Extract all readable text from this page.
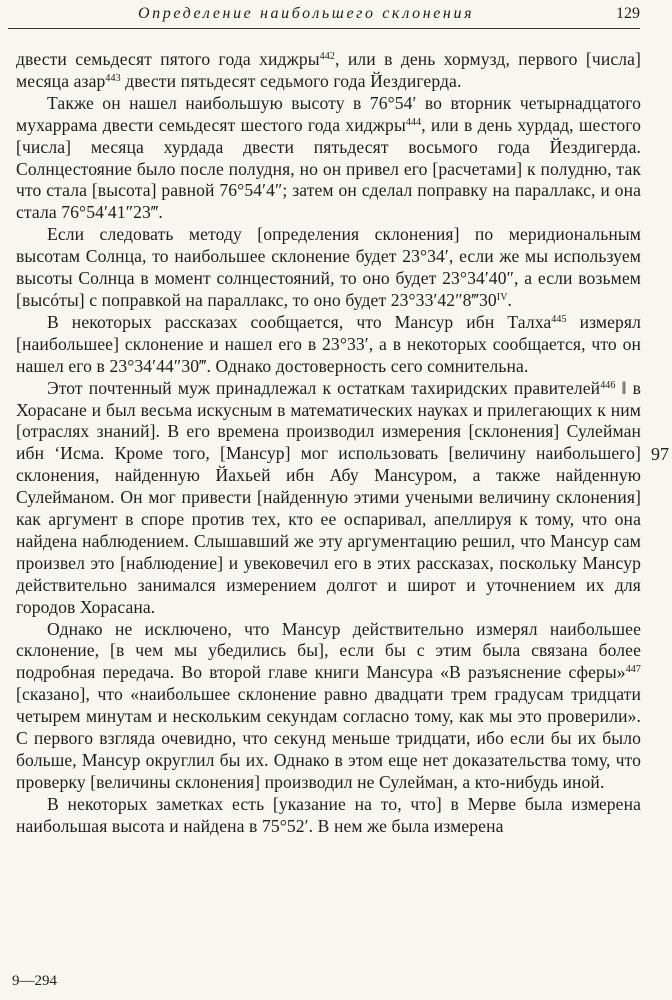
Определение наибольшего склонения	129

двести семьдесят пятого года хиджры$^{442}$, или в день хормузд, первого [числа] месяца азар$^{443}$ двести пятьдесят седьмого года Йездигерда.

Также он нашел наибольшую высоту в 76°54′ во вторник четырнадцатого мухаррама двести семьдесят шестого года хиджры$^{444}$, или в день хурдад, шестого [числа] месяца хурдада двести пятьдесят восьмого года Йездигерда. Солнцестояние было после полудня, но он привел его [расчетами] к полудню, так что стала [высота] равной 76°54′4″; затем он сделал поправку на параллакс, и она стала 76°54′41″23‴.

Если следовать методу [определения склонения] по меридиональным высотам Солнца, то наибольшее склонение будет 23°34′, если же мы используем высоты Солнца в момент солнцестояний, то оно будет 23°34′40″, а если возьмем [высóты] с поправкой на параллакс, то оно будет $23^\circ 33'42''8‴30^{IV}$.

В некоторых рассказах сообщается, что Мансур ибн Талха$^{445}$ измерял [наибольшее] склонение и нашел его в 23°33′, а в некоторых сообщается, что он нашел его в 23°34′44″30‴. Однако достоверность сего сомнительна.

Этот почтенный муж принадлежал к остаткам тахиридских правителей$^{446}$ ‖ в Хорасане и был весьма искусным в математических науках и прилегающих к ним [отраслях знаний]. В его времена производил измерения [склонения] Сулейман ибн ‘Исма. Кроме того, [Мансур] мог использовать [величину наибольшего] склонения, найденную Йахьей ибн Абу Мансуром, а также найденную Сулейманом. Он мог привести [найденную этими учеными величину склонения] как аргумент в споре против тех, кто ее оспаривал, апеллируя к тому, что она найдена наблюдением. Слышавший же эту аргументацию решил, что Мансур сам произвел это [наблюдение] и увековечил его в этих рассказах, поскольку Мансур действительно занимался измерением долгот и широт и уточнением их для городов Хорасана.

Однако не исключено, что Мансур действительно измерял наибольшее склонение, [в чем мы убедились бы], если бы с этим была связана более подробная передача. Во второй главе книги Мансура «В разъяснение сферы»$^{447}$ [сказано], что «наибольшее склонение равно двадцати трем градусам тридцати четырем минутам и нескольким секундам согласно тому, как мы это проверили». С первого взгляда очевидно, что секунд меньше тридцати, ибо если бы их было больше, Мансур округлил бы их. Однако в этом еще нет доказательства тому, что проверку [величины склонения] производил не Сулейман, а кто-нибудь иной.

В некоторых заметках есть [указание на то, что] в Мерве была измерена наибольшая высота и найдена в 75°52′. В нем же была измерена

97
9—294
